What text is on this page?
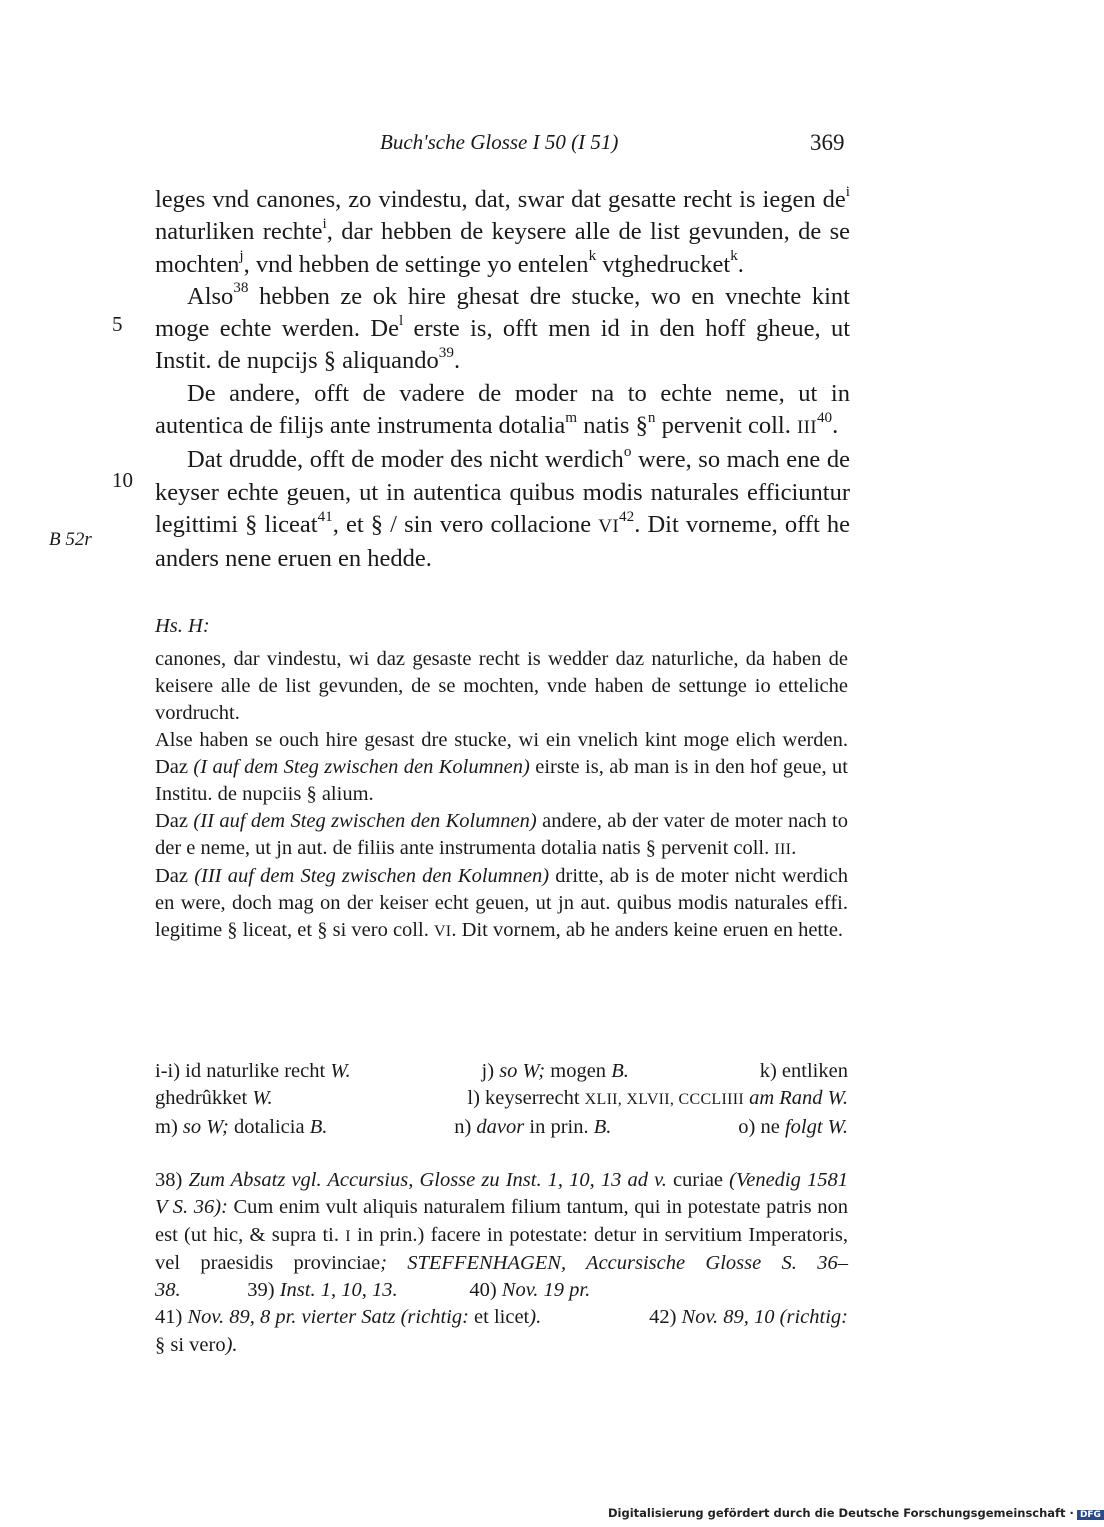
Buch'sche Glosse I 50 (I 51)	369
5
10
B 52r

leges vnd canones, zo vindestu, dat, swar dat gesatte recht is iegen $de^i$ naturliken rechte$^i$, dar hebben de keysere alle de list gevunden, de se mochten$^j$, vnd hebben de settinge yo entelen$^k$ vtghedrucket$^k$.

Also$^{38}$ hebben ze ok hire ghesat dre stucke, wo en vnechte kint moge echte werden. De$^l$ erste is, offt men id in den hoff gheue, ut Instit. de nupcijs § aliquando$^{39}$.

De andere, offt de vadere de moder na to echte neme, ut in autentica de filijs ante instrumenta dotalia$^m$ natis §$^n$ pervenit coll. III$^{40}$.

Dat drudde, offt de moder des nicht werdich$^o$ were, so mach ene de keyser echte geuen, ut in autentica quibus modis naturales efficiuntur legittimi § liceat$^{41}$, et § / sin vero collacione VI$^{42}$. Dit vorneme, offt he anders nene eruen en hedde.

Hs. H:

canones, dar vindestu, wi daz gesaste recht is wedder daz naturliche, da haben de keisere alle de list gevunden, de se mochten, vnde haben de settunge io etteliche vordrucht.

Alse haben se ouch hire gesast dre stucke, wi ein vnelich kint moge elich werden. Daz (I auf dem Steg zwischen den Kolumnen) eirste is, ab man is in den hof geue, ut Institu. de nupciis § alium.

Daz (II auf dem Steg zwischen den Kolumnen) andere, ab der vater de moter nach to der e neme, ut jn aut. de filiis ante instrumenta dotalia natis § pervenit coll. III.

Daz (III auf dem Steg zwischen den Kolumnen) dritte, ab is de moter nicht werdich en were, doch mag on der keiser echt geuen, ut jn aut. quibus modis naturales effi. legitime § liceat, et § si vero coll. VI. Dit vornem, ab he anders keine eruen en hette.

i-i) id naturlike recht W.	j) so W; mogen B.	k) entliken
ghedrûkket W.	l) keyserrecht XLII, XLVII, CCCLIIII am Rand W.
m) so W; dotalicia B.	n) davor in prin. B.	o) ne folgt W.

38) Zum Absatz vgl. Accursius, Glosse zu Inst. 1, 10, 13 ad v. curiae (Venedig 1581 V S. 36): Cum enim vult aliquis naturalem filium tantum, qui in potestate patris non est (ut hic, & supra ti. I in prin.) facere in potestate: detur in servitium Imperatoris, vel praesidis provinciae; STEFFENHAGEN, Accursische Glosse S. 36–38.	39) Inst. 1, 10, 13.	40) Nov. 19 pr.

41) Nov. 89, 8 pr. vierter Satz (richtig: et licet).	42) Nov. 89, 10 (richtig:

§ si vero).

Digitalisierung gefördert durch die Deutsche Forschungsgemeinschaft · DFG
